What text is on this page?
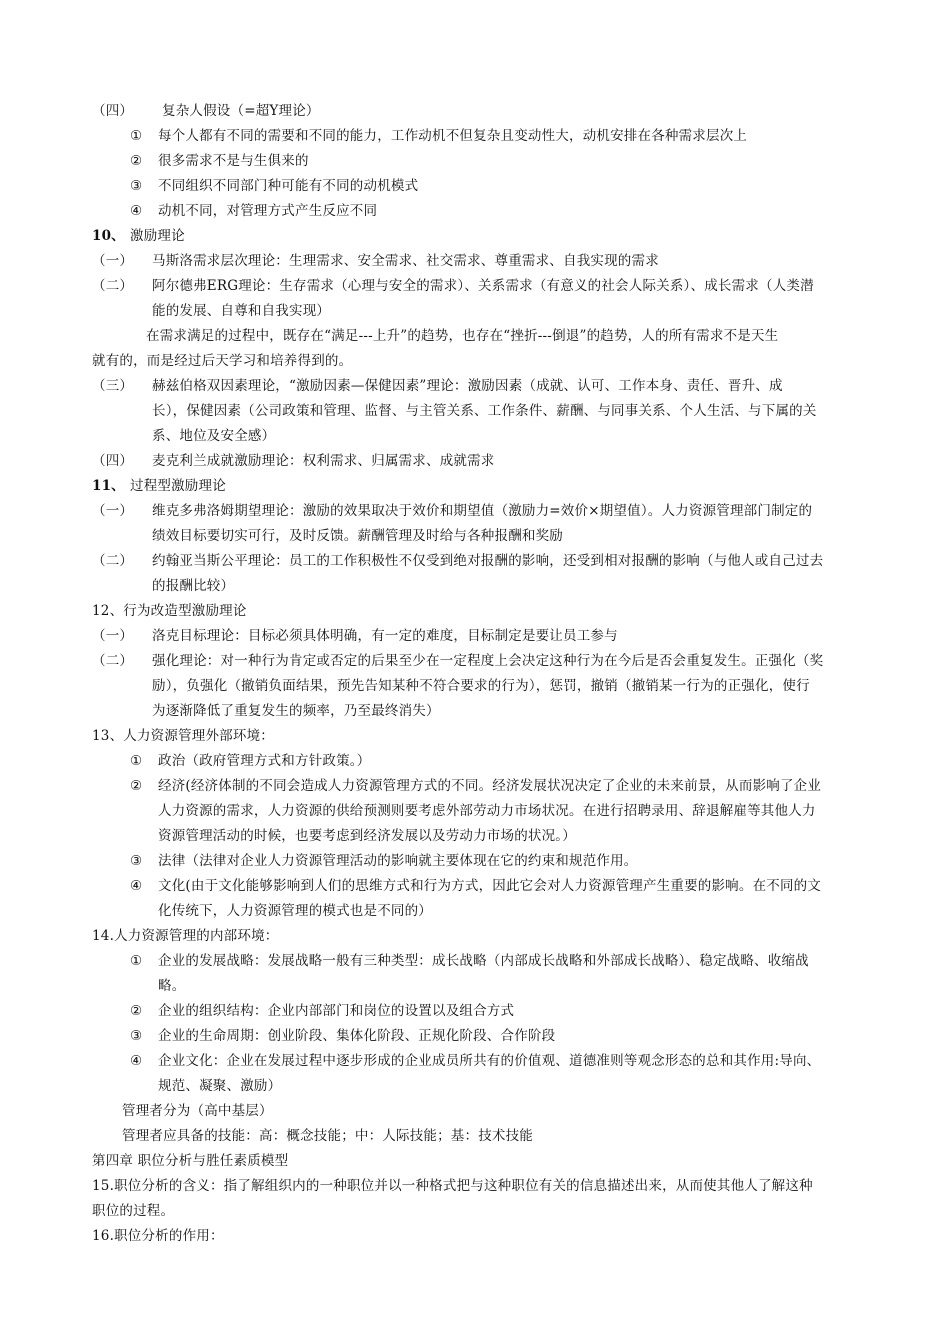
（四） 复杂人假设（=超Y理论）
① 每个人都有不同的需要和不同的能力，工作动机不但复杂且变动性大，动机安排在各种需求层次上
② 很多需求不是与生俱来的
③ 不同组织不同部门种可能有不同的动机模式
④ 动机不同，对管理方式产生反应不同
10、 激励理论
（一） 马斯洛需求层次理论：生理需求、安全需求、社交需求、尊重需求、自我实现的需求
（二） 阿尔德弗ERG理论：生存需求（心理与安全的需求）、关系需求（有意义的社会人际关系）、成长需求（人类潜
能的发展、自尊和自我实现）
在需求满足的过程中，既存在“满足---上升”的趋势，也存在“挫折---倒退”的趋势，人的所有需求不是天生
就有的，而是经过后天学习和培养得到的。
（三） 赫兹伯格双因素理论，“激励因素—保健因素”理论：激励因素（成就、认可、工作本身、责任、晋升、成
长），保健因素（公司政策和管理、监督、与主管关系、工作条件、薪酬、与同事关系、个人生活、与下属的关
系、地位及安全感）
（四） 麦克利兰成就激励理论：权利需求、归属需求、成就需求
11、 过程型激励理论
（一） 维克多弗洛姆期望理论：激励的效果取决于效价和期望值（激励力=效价×期望值）。人力资源管理部门制定的
绩效目标要切实可行，及时反馈。薪酬管理及时给与各种报酬和奖励
（二） 约翰亚当斯公平理论：员工的工作积极性不仅受到绝对报酬的影响，还受到相对报酬的影响（与他人或自己过去
的报酬比较）
12、行为改造型激励理论
（一） 洛克目标理论：目标必须具体明确，有一定的难度，目标制定是要让员工参与
（二） 强化理论：对一种行为肯定或否定的后果至少在一定程度上会决定这种行为在今后是否会重复发生。正强化（奖
励），负强化（撤销负面结果，预先告知某种不符合要求的行为），惩罚，撤销（撤销某一行为的正强化，使行
为逐渐降低了重复发生的频率，乃至最终消失）
13、人力资源管理外部环境：
① 政治（政府管理方式和方针政策。）
② 经济(经济体制的不同会造成人力资源管理方式的不同。经济发展状况决定了企业的未来前景，从而影响了企业
人力资源的需求，人力资源的供给预测则要考虑外部劳动力市场状况。在进行招聘录用、辞退解雇等其他人力
资源管理活动的时候，也要考虑到经济发展以及劳动力市场的状况。）
③ 法律（法律对企业人力资源管理活动的影响就主要体现在它的约束和规范作用。
④ 文化(由于文化能够影响到人们的思维方式和行为方式，因此它会对人力资源管理产生重要的影响。在不同的文
化传统下，人力资源管理的模式也是不同的）
14.人力资源管理的内部环境：
① 企业的发展战略：发展战略一般有三种类型：成长战略（内部成长战略和外部成长战略）、稳定战略、收缩战
略。
② 企业的组织结构：企业内部部门和岗位的设置以及组合方式
③ 企业的生命周期：创业阶段、集体化阶段、正规化阶段、合作阶段
④ 企业文化：企业在发展过程中逐步形成的企业成员所共有的价值观、道德准则等观念形态的总和其作用:导向、
规范、凝聚、激励）
管理者分为（高中基层）
管理者应具备的技能：高：概念技能；中：人际技能；基：技术技能
第四章 职位分析与胜任素质模型
15.职位分析的含义：指了解组织内的一种职位并以一种格式把与这种职位有关的信息描述出来，从而使其他人了解这种
职位的过程。
16.职位分析的作用：
